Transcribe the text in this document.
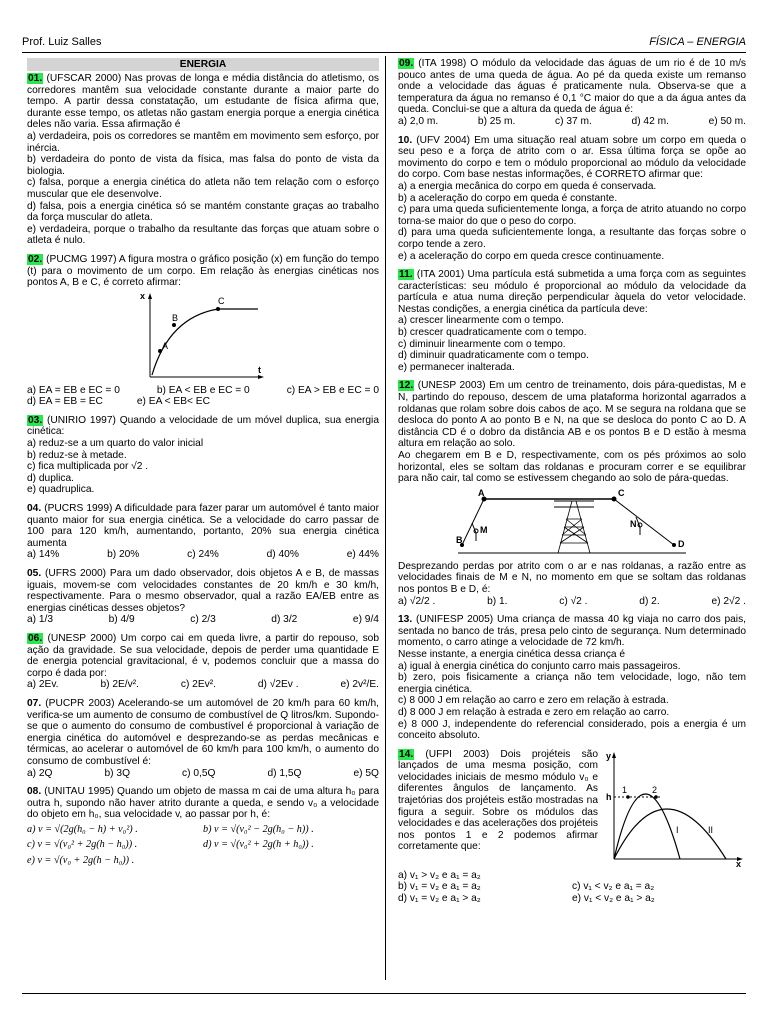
Prof. Luiz Salles	FÍSICA – ENERGIA
ENERGIA

01. (UFSCAR 2000) Nas provas de longa e média distância do atletismo, os corredores mantêm sua velocidade constante durante a maior parte do tempo. A partir dessa constatação, um estudante de física afirma que, durante esse tempo, os atletas não gastam energia porque a energia cinética deles não varia. Essa afirmação é

a) verdadeira, pois os corredores se mantêm em movimento sem esforço, por inércia.

b) verdadeira do ponto de vista da física, mas falsa do ponto de vista da biologia.

c) falsa, porque a energia cinética do atleta não tem relação com o esforço muscular que ele desenvolve.

d) falsa, pois a energia cinética só se mantém constante graças ao trabalho da força muscular do atleta.

e) verdadeira, porque o trabalho da resultante das forças que atuam sobre o atleta é nulo.

02. (PUCMG 1997) A figura mostra o gráfico posição (x) em função do tempo (t) para o movimento de um corpo. Em relação às energias cinéticas nos pontos A, B e C, é correto afirmar:

x
t
A
B
C
a) EA = EB e EC = 0	b) EA < EB e EC = 0	c) EA > EB e EC = 0
d) EA = EB = EC	e) EA < EB< EC

03. (UNIRIO 1997) Quando a velocidade de um móvel duplica, sua energia cinética:

a) reduz-se a um quarto do valor inicial

b) reduz-se à metade.

c) fica multiplicada por √2 .

d) duplica.

e) quadruplica.

04. (PUCRS 1999) A dificuldade para fazer parar um automóvel é tanto maior quanto maior for sua energia cinética. Se a velocidade do carro passar de 100 para 120 km/h, aumentando, portanto, 20% sua energia cinética aumenta

a) 14%	b) 20%	c) 24%	d) 40%	e) 44%

05. (UFRS 2000) Para um dado observador, dois objetos A e B, de massas iguais, movem-se com velocidades constantes de 20 km/h e 30 km/h, respectivamente. Para o mesmo observador, qual a razão EA/EB entre as energias cinéticas desses objetos?

a) 1/3	b) 4/9	c) 2/3	d) 3/2	e) 9/4

06. (UNESP 2000) Um corpo cai em queda livre, a partir do repouso, sob ação da gravidade. Se sua velocidade, depois de perder uma quantidade E de energia potencial gravitacional, é v, podemos concluir que a massa do corpo é dada por:

a) 2Ev.	b) 2E/v².	c) 2Ev².	d) √2Ev .	e) 2v²/E.

07. (PUCPR 2003) Acelerando-se um automóvel de 20 km/h para 60 km/h, verifica-se um aumento de consumo de combustível de Q litros/km. Supondo-se que o aumento do consumo de combustível é proporcional à variação de energia cinética do automóvel e desprezando-se as perdas mecânicas e térmicas, ao acelerar o automóvel de 60 km/h para 100 km/h, o aumento do consumo de combustível é:

a) 2Q	b) 3Q	c) 0,5Q	d) 1,5Q	e) 5Q

08. (UNITAU 1995) Quando um objeto de massa m cai de uma altura h₀ para outra h, supondo não haver atrito durante a queda, e sendo v₀ a velocidade do objeto em h₀, sua velocidade v, ao passar por h, é:

a) v = √(2g(h₀ − h) + v₀²) .	b) v = √(v₀² − 2g(h₀ − h)) .
c) v = √(v₀² + 2g(h − h₀)) .	d) v = √(v₀² + 2g(h + h₀)) .
e) v = √(v₀ + 2g(h − h₀)) .

09. (ITA 1998) O módulo da velocidade das águas de um rio é de 10 m/s pouco antes de uma queda de água. Ao pé da queda existe um remanso onde a velocidade das águas é praticamente nula. Observa-se que a temperatura da água no remanso é 0,1 °C maior do que a da água antes da queda. Conclui-se que a altura da queda de água é:

a) 2,0 m.	b) 25 m.	c) 37 m.	d) 42 m.	e) 50 m.

10. (UFV 2004) Em uma situação real atuam sobre um corpo em queda o seu peso e a força de atrito com o ar. Essa última força se opõe ao movimento do corpo e tem o módulo proporcional ao módulo da velocidade do corpo. Com base nestas informações, é CORRETO afirmar que:

a) a energia mecânica do corpo em queda é conservada.

b) a aceleração do corpo em queda é constante.

c) para uma queda suficientemente longa, a força de atrito atuando no corpo torna-se maior do que o peso do corpo.

d) para uma queda suficientemente longa, a resultante das forças sobre o corpo tende a zero.

e) a aceleração do corpo em queda cresce continuamente.

11. (ITA 2001) Uma partícula está submetida a uma força com as seguintes características: seu módulo é proporcional ao módulo da velocidade da partícula e atua numa direção perpendicular àquela do vetor velocidade. Nestas condições, a energia cinética da partícula deve:

a) crescer linearmente com o tempo.

b) crescer quadraticamente com o tempo.

c) diminuir linearmente com o tempo.

d) diminuir quadraticamente com o tempo.

e) permanecer inalterada.

12. (UNESP 2003) Em um centro de treinamento, dois pára-quedistas, M e N, partindo do repouso, descem de uma plataforma horizontal agarrados a roldanas que rolam sobre dois cabos de aço. M se segura na roldana que se desloca do ponto A ao ponto B e N, na que se desloca do ponto C ao D. A distância CD é o dobro da distância AB e os pontos B e D estão à mesma altura em relação ao solo.

Ao chegarem em B e D, respectivamente, com os pés próximos ao solo horizontal, eles se soltam das roldanas e procuram correr e se equilibrar para não cair, tal como se estivessem chegando ao solo de pára-quedas.

A
B
C
D
M
N

Desprezando perdas por atrito com o ar e nas roldanas, a razão entre as velocidades finais de M e N, no momento em que se soltam das roldanas nos pontos B e D, é:

a) √2/2 .	b) 1.	c) √2 .	d) 2.	e) 2√2 .

13. (UNIFESP 2005) Uma criança de massa 40 kg viaja no carro dos pais, sentada no banco de trás, presa pelo cinto de segurança. Num determinado momento, o carro atinge a velocidade de 72 km/h.

Nesse instante, a energia cinética dessa criança é

a) igual à energia cinética do conjunto carro mais passageiros.

b) zero, pois fisicamente a criança não tem velocidade, logo, não tem energia cinética.

c) 8 000 J em relação ao carro e zero em relação à estrada.

d) 8 000 J em relação à estrada e zero em relação ao carro.

e) 8 000 J, independente do referencial considerado, pois a energia é um conceito absoluto.

14. (UFPI 2003) Dois projéteis são lançados de uma mesma posição, com velocidades iniciais de mesmo módulo v₀ e diferentes ângulos de lançamento. As trajetórias dos projéteis estão mostradas na figura a seguir. Sobre os módulos das velocidades e das acelerações dos projéteis nos pontos 1 e 2 podemos afirmar corretamente que:

y
x
h
1	2
I	II
a) v₁ > v₂ e a₁ = a₂
b) v₁ = v₂ e a₁ = a₂	c) v₁ < v₂ e a₁ = a₂
d) v₁ = v₂ e a₁ > a₂	e) v₁ < v₂ e a₁ > a₂
